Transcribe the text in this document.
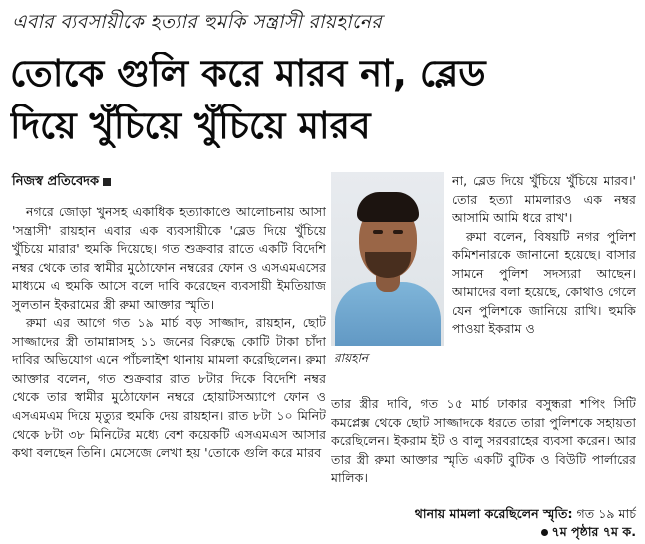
এবার ব্যবসায়ীকে হত্যার হুমকি সন্ত্রাসী রায়হানের
তোকে গুলি করে মারব না, ব্লেড
দিয়ে খুঁচিয়ে খুঁচিয়ে মারব
নিজস্ব প্রতিবেদক

নগরে জোড়া খুনসহ একাধিক হত্যাকাণ্ডে আলোচনায় আসা 'সন্ত্রাসী' রায়হান এবার এক ব্যবসায়ীকে 'ব্লেড দিয়ে খুঁচিয়ে খুঁচিয়ে মারার' হুমকি দিয়েছে। গত শুক্রবার রাতে একটি বিদেশি নম্বর থেকে তার স্বামীর মুঠোফোন নম্বরের ফোন ও এসএমএসের মাধ্যমে এ হুমকি আসে বলে দাবি করেছেন ব্যবসায়ী ইমতিয়াজ সুলতান ইকরামের স্ত্রী রুমা আক্তার স্মৃতি।

রুমা এর আগে গত ১৯ মার্চ বড় সাজ্জাদ, রায়হান, ছোট সাজ্জাদের স্ত্রী তামান্নাসহ ১১ জনের বিরুদ্ধে কোটি টাকা চাঁদা দাবির অভিযোগ এনে পাঁচলাইশ থানায় মামলা করেছিলেন। রুমা আক্তার বলেন, গত শুক্রবার রাত ৮টার দিকে বিদেশি নম্বর থেকে তার স্বামীর মুঠোফোন নম্বরে হোয়াটসঅ্যাপে ফোন ও এসএমএম দিয়ে মৃত্যুর হুমকি দেয় রায়হান। রাত ৮টা ১০ মিনিট থেকে ৮টা ৩৮ মিনিটের মধ্যে বেশ কয়েকটি এসএমএস আসার কথা বলছেন তিনি। মেসেজে লেখা হয় 'তোকে গুলি করে মারব

রায়হান

না, ব্লেড দিয়ে খুঁচিয়ে খুঁচিয়ে মারব।' তোর হত্যা মামলারও এক নম্বর আসামি আমি ধরে রাখ'।

রুমা বলেন, বিষয়টি নগর পুলিশ কমিশনারকে জানানো হয়েছে। বাসার সামনে পুলিশ সদস্যরা আছেন। আমাদের বলা হয়েছে, কোথাও গেলে যেন পুলিশকে জানিয়ে রাখি। হুমকি পাওয়া ইকরাম ও

তার স্ত্রীর দাবি, গত ১৫ মার্চ ঢাকার বসুন্ধরা শপিং সিটি কমপ্লেক্স থেকে ছোট সাজ্জাদকে ধরতে তারা পুলিশকে সহায়তা করেছিলেন। ইকরাম ইট ও বালু সরবরাহের ব্যবসা করেন। আর তার স্ত্রী রুমা আক্তার স্মৃতি একটি বুটিক ও বিউটি পার্লারের মালিক।

থানায় মামলা করেছিলেন স্মৃতি: গত ১৯ মার্চ
৭ম পৃষ্ঠার ৭ম ক.
